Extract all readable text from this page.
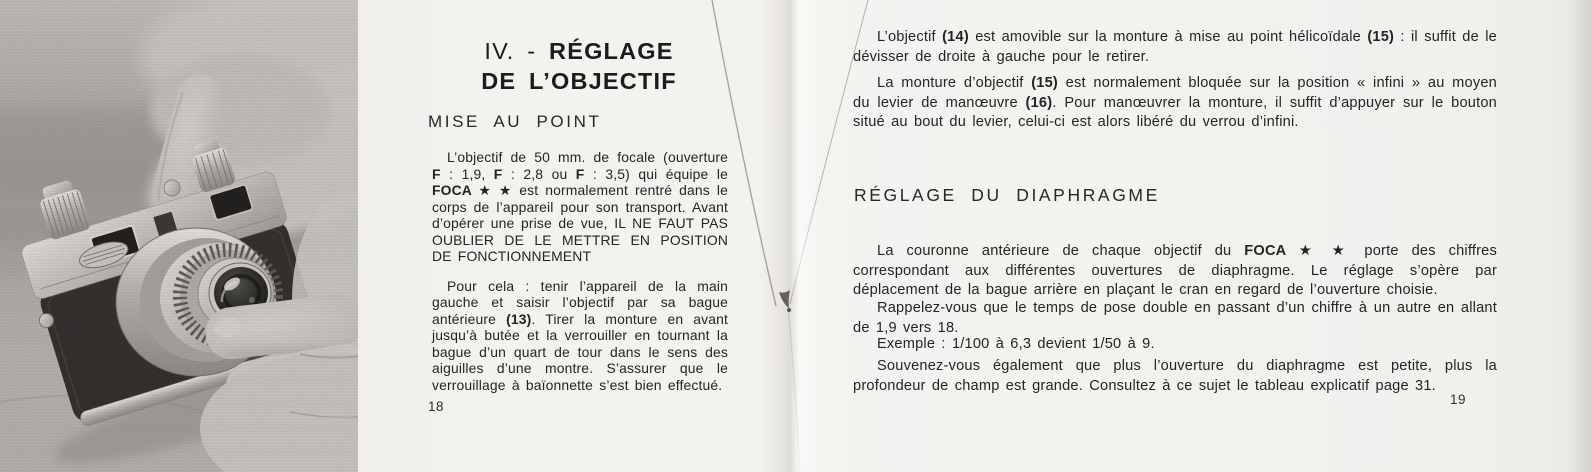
IV. - RÉGLAGE
DE L’OBJECTIF
MISE AU POINT

L’objectif de 50 mm. de focale (ouverture F : 1,9, F : 2,8 ou F : 3,5) qui équipe le FOCA ★ ★ est normalement rentré dans le corps de l’appareil pour son transport. Avant d’opérer une prise de vue, IL NE FAUT PAS OUBLIER DE LE METTRE EN POSITION DE FONCTIONNEMENT

Pour cela : tenir l’appareil de la main gauche et saisir l’objectif par sa bague antérieure (13). Tirer la monture en avant jusqu’à butée et la verrouiller en tournant la bague d’un quart de tour dans le sens des aiguilles d’une montre. S’assurer que le verrouillage à baïonnette s’est bien effectué.

18

L’objectif (14) est amovible sur la monture à mise au point hélicoïdale (15) : il suffit de le dévisser de droite à gauche pour le retirer.

La monture d’objectif (15) est normalement bloquée sur la position « infini » au moyen du levier de manœuvre (16). Pour manœuvrer la monture, il suffit d’appuyer sur le bouton situé au bout du levier, celui-ci est alors libéré du verrou d’infini.

RÉGLAGE DU DIAPHRAGME

La couronne antérieure de chaque objectif du FOCA ★ ★ porte des chiffres correspondant aux différentes ouvertures de diaphragme. Le réglage s’opère par déplacement de la bague arrière en plaçant le cran en regard de l’ouverture choisie.

Rappelez-vous que le temps de pose double en passant d’un chiffre à un autre en allant de 1,9 vers 18.

Exemple : 1/100 à 6,3 devient 1/50 à 9.

Souvenez-vous également que plus l’ouverture du diaphragme est petite, plus la profondeur de champ est grande. Consultez à ce sujet le tableau explicatif page 31.

19
